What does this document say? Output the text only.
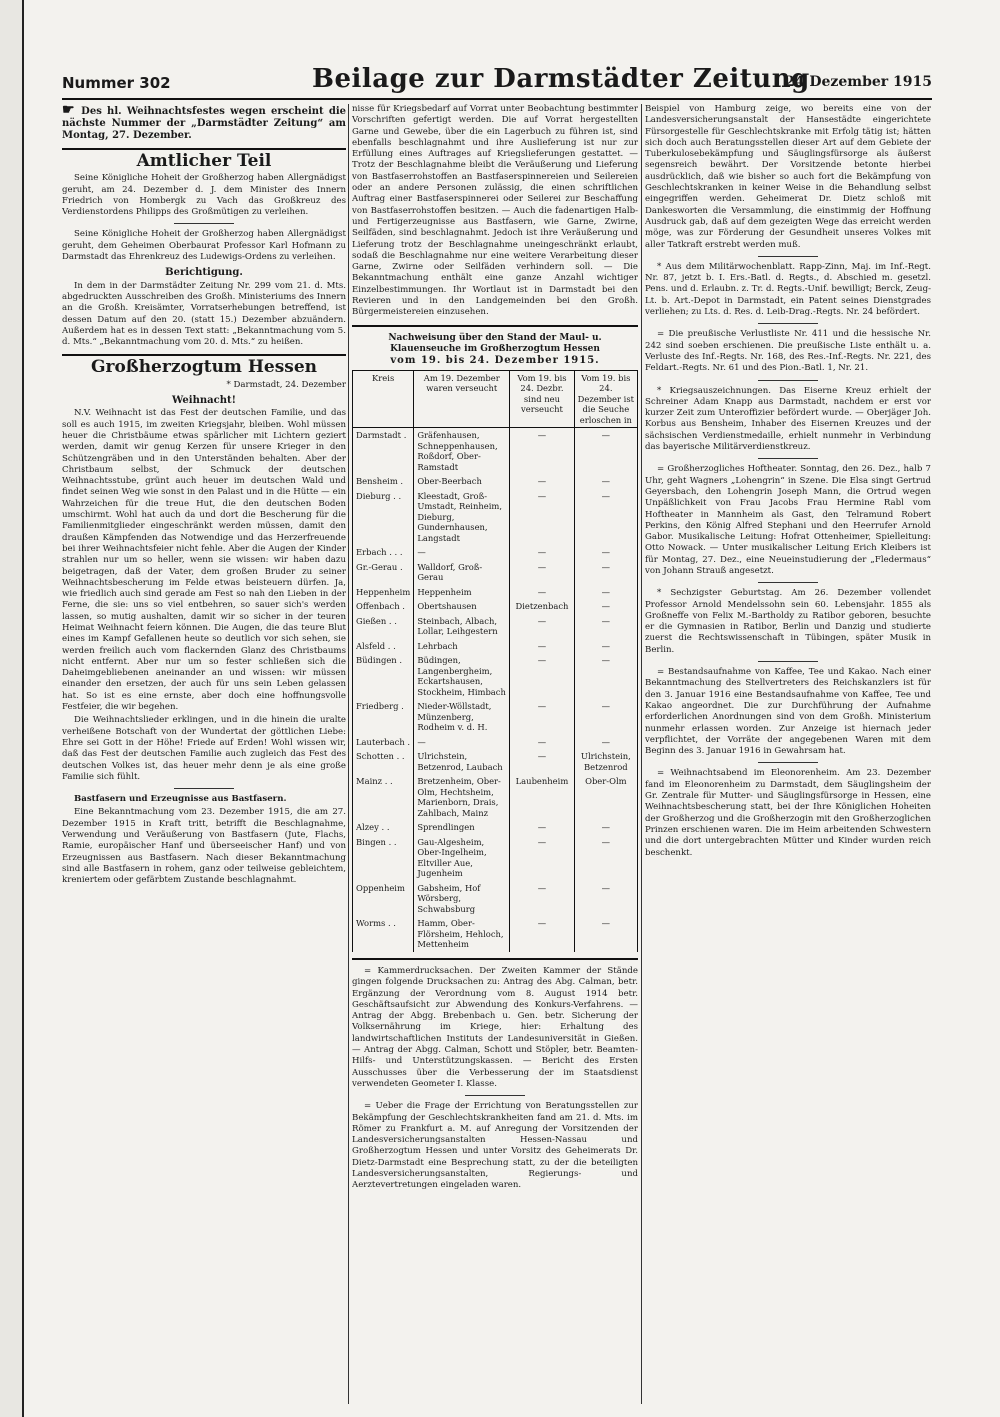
Nummer 302	Beilage zur Darmstädter Zeitung
24 Dezember 1915
☛ Des hl. Weihnachtsfestes wegen erscheint die nächste Nummer der „Darmstädter Zeitung“ am Montag, 27. Dezember.
Amtlicher Teil

Seine Königliche Hoheit der Großherzog haben Allergnädigst geruht, am 24. Dezember d. J. dem Minister des Innern Friedrich von Hombergk zu Vach das Großkreuz des Verdienstordens Philipps des Großmütigen zu verleihen.

Seine Königliche Hoheit der Großherzog haben Allergnädigst geruht, dem Geheimen Oberbaurat Professor Karl Hofmann zu Darmstadt das Ehrenkreuz des Ludewigs-Ordens zu verleihen.

Berichtigung.

In dem in der Darmstädter Zeitung Nr. 299 vom 21. d. Mts. abgedruckten Ausschreiben des Großh. Ministeriums des Innern an die Großh. Kreisämter, Vorratserhebungen betreffend, ist dessen Datum auf den 20. (statt 15.) Dezember abzuändern. Außerdem hat es in dessen Text statt: „Bekanntmachung vom 5. d. Mts.“ „Bekanntmachung vom 20. d. Mts.“ zu heißen.

Großherzogtum Hessen

* Darmstadt, 24. Dezember

Weihnacht!

N.V. Weihnacht ist das Fest der deutschen Familie, und das soll es auch 1915, im zweiten Kriegsjahr, bleiben. Wohl müssen heuer die Christbäume etwas spärlicher mit Lichtern geziert werden, damit wir genug Kerzen für unsere Krieger in den Schützengräben und in den Unterständen behalten. Aber der Christbaum selbst, der Schmuck der deutschen Weihnachtsstube, grünt auch heuer im deutschen Wald und findet seinen Weg wie sonst in den Palast und in die Hütte — ein Wahrzeichen für die treue Hut, die den deutschen Boden umschirmt. Wohl hat auch da und dort die Bescherung für die Familienmitglieder eingeschränkt werden müssen, damit den draußen Kämpfenden das Notwendige und das Herzerfreuende bei ihrer Weihnachtsfeier nicht fehle. Aber die Augen der Kinder strahlen nur um so heller, wenn sie wissen: wir haben dazu beigetragen, daß der Vater, dem großen Bruder zu seiner Weihnachtsbescherung im Felde etwas beisteuern dürfen. Ja, wie friedlich auch sind gerade am Fest so nah den Lieben in der Ferne, die sie: uns so viel entbehren, so sauer sich's werden lassen, so mutig aushalten, damit wir so sicher in der teuren Heimat Weihnacht feiern können. Die Augen, die das teure Blut eines im Kampf Gefallenen heute so deutlich vor sich sehen, sie werden freilich auch vom flackernden Glanz des Christbaums nicht entfernt. Aber nur um so fester schließen sich die Daheimgebliebenen aneinander an und wissen: wir müssen einander den ersetzen, der auch für uns sein Leben gelassen hat. So ist es eine ernste, aber doch eine hoffnungsvolle Festfeier, die wir begehen.

Die Weihnachtslieder erklingen, und in die hinein die uralte verheißene Botschaft von der Wundertat der göttlichen Liebe: Ehre sei Gott in der Höhe! Friede auf Erden! Wohl wissen wir, daß das Fest der deutschen Familie auch zugleich das Fest des deutschen Volkes ist, das heuer mehr denn je als eine große Familie sich fühlt.

Bastfasern und Erzeugnisse aus Bastfasern.

Eine Bekanntmachung vom 23. Dezember 1915, die am 27. Dezember 1915 in Kraft tritt, betrifft die Beschlagnahme, Verwendung und Veräußerung von Bastfasern (Jute, Flachs, Ramie, europäischer Hanf und überseeischer Hanf) und von Erzeugnissen aus Bastfasern. Nach dieser Bekanntmachung sind alle Bastfasern in rohem, ganz oder teilweise gebleichtem, kreniertem oder gefärbtem Zustande beschlagnahmt.

nisse für Kriegsbedarf auf Vorrat unter Beobachtung bestimmter Vorschriften gefertigt werden. Die auf Vorrat hergestellten Garne und Gewebe, über die ein Lagerbuch zu führen ist, sind ebenfalls beschlagnahmt und ihre Auslieferung ist nur zur Erfüllung eines Auftrages auf Kriegslieferungen gestattet. — Trotz der Beschlagnahme bleibt die Veräußerung und Lieferung von Bastfaserrohstoffen an Bastfaserspinnereien und Seilereien oder an andere Personen zulässig, die einen schriftlichen Auftrag einer Bastfaserspinnerei oder Seilerei zur Beschaffung von Bastfaserrohstoffen besitzen. — Auch die fadenartigen Halb- und Fertigerzeugnisse aus Bastfasern, wie Garne, Zwirne, Seilfäden, sind beschlagnahmt. Jedoch ist ihre Veräußerung und Lieferung trotz der Beschlagnahme uneingeschränkt erlaubt, sodaß die Beschlagnahme nur eine weitere Verarbeitung dieser Garne, Zwirne oder Seilfäden verhindern soll. — Die Bekanntmachung enthält eine ganze Anzahl wichtiger Einzelbestimmungen. Ihr Wortlaut ist in Darmstadt bei den Revieren und in den Landgemeinden bei den Großh. Bürgermeistereien einzusehen.

Nachweisung über den Stand der Maul- u. Klauenseuche im Großherzogtum Hessen
vom 19. bis 24. Dezember 1915.
Kreis	Am 19. Dezember waren verseucht	Vom 19. bis 24. Dezbr. sind neu verseucht	Vom 19. bis 24. Dezember ist die Seuche erloschen in
Darmstadt .	Gräfenhausen, Schneppenhausen, Roßdorf, Ober-Ramstadt	—	—
Bensheim .	Ober-Beerbach	—	—
Dieburg . .	Kleestadt, Groß-Umstadt, Reinheim, Dieburg, Gundernhausen, Langstadt	—	—
Erbach . . .	—	—	—
Gr.-Gerau .	Walldorf, Groß-Gerau	—	—
Heppenheim	Heppenheim	—	—
Offenbach .	Obertshausen	Dietzenbach	—
Gießen . .	Steinbach, Albach, Lollar, Leihgestern	—	—
Alsfeld . .	Lehrbach	—	—
Büdingen .	Büdingen, Langenbergheim, Eckartshausen, Stockheim, Himbach	—	—
Friedberg .	Nieder-Wöllstadt, Münzenberg, Rodheim v. d. H.	—	—
Lauterbach .	—	—	—
Schotten . .	Ulrichstein, Betzenrod, Laubach	—	Ulrichstein, Betzenrod
Mainz . .	Bretzenheim, Ober-Olm, Hechtsheim, Marienborn, Drais, Zahlbach, Mainz	Laubenheim	Ober-Olm
Alzey . .	Sprendlingen	—	—
Bingen . .	Gau-Algesheim, Ober-Ingelheim, Eltviller Aue, Jugenheim	—	—
Oppenheim	Gabsheim, Hof Wörsberg, Schwabsburg	—	—
Worms . .	Hamm, Ober-Flörsheim, Hehloch, Mettenheim	—	—

= Kammerdrucksachen. Der Zweiten Kammer der Stände gingen folgende Drucksachen zu: Antrag des Abg. Calman, betr. Ergänzung der Verordnung vom 8. August 1914 betr. Geschäftsaufsicht zur Abwendung des Konkurs-Verfahrens. — Antrag der Abgg. Brebenbach u. Gen. betr. Sicherung der Volksernährung im Kriege, hier: Erhaltung des landwirtschaftlichen Instituts der Landesuniversität in Gießen. — Antrag der Abgg. Calman, Schott und Stöpler, betr. Beamten-Hilfs- und Unterstützungskassen. — Bericht des Ersten Ausschusses über die Verbesserung der im Staatsdienst verwendeten Geometer I. Klasse.

= Ueber die Frage der Errichtung von Beratungsstellen zur Bekämpfung der Geschlechtskrankheiten fand am 21. d. Mts. im Römer zu Frankfurt a. M. auf Anregung der Vorsitzenden der Landesversicherungsanstalten Hessen-Nassau und Großherzogtum Hessen und unter Vorsitz des Geheimerats Dr. Dietz-Darmstadt eine Besprechung statt, zu der die beteiligten Landesversicherungsanstalten, Regierungs- und Aerztevertretungen eingeladen waren.

Beispiel von Hamburg zeige, wo bereits eine von der Landesversicherungsanstalt der Hansestädte eingerichtete Fürsorgestelle für Geschlechtskranke mit Erfolg tätig ist; hätten sich doch auch Beratungsstellen dieser Art auf dem Gebiete der Tuberkulosebekämpfung und Säuglingsfürsorge als äußerst segensreich bewährt. Der Vorsitzende betonte hierbei ausdrücklich, daß wie bisher so auch fort die Bekämpfung von Geschlechtskranken in keiner Weise in die Behandlung selbst eingegriffen werden. Geheimerat Dr. Dietz schloß mit Dankesworten die Versammlung, die einstimmig der Hoffnung Ausdruck gab, daß auf dem gezeigten Wege das erreicht werden möge, was zur Förderung der Gesundheit unseres Volkes mit aller Tatkraft erstrebt werden muß.

* Aus dem Militärwochenblatt. Rapp-Zinn, Maj. im Inf.-Regt. Nr. 87, jetzt b. I. Ers.-Batl. d. Regts., d. Abschied m. gesetzl. Pens. und d. Erlaubn. z. Tr. d. Regts.-Unif. bewilligt; Berck, Zeug-Lt. b. Art.-Depot in Darmstadt, ein Patent seines Dienstgrades verliehen; zu Lts. d. Res. d. Leib-Drag.-Regts. Nr. 24 befördert.

= Die preußische Verlustliste Nr. 411 und die hessische Nr. 242 sind soeben erschienen. Die preußische Liste enthält u. a. Verluste des Inf.-Regts. Nr. 168, des Res.-Inf.-Regts. Nr. 221, des Feldart.-Regts. Nr. 61 und des Pion.-Batl. 1, Nr. 21.

* Kriegsauszeichnungen. Das Eiserne Kreuz erhielt der Schreiner Adam Knapp aus Darmstadt, nachdem er erst vor kurzer Zeit zum Unteroffizier befördert wurde. — Oberjäger Joh. Korbus aus Bensheim, Inhaber des Eisernen Kreuzes und der sächsischen Verdienstmedaille, erhielt nunmehr in Verbindung das bayerische Militärverdienstkreuz.

= Großherzogliches Hoftheater. Sonntag, den 26. Dez., halb 7 Uhr, geht Wagners „Lohengrin“ in Szene. Die Elsa singt Gertrud Geyersbach, den Lohengrin Joseph Mann, die Ortrud wegen Unpäßlichkeit von Frau Jacobs Frau Hermine Rabl vom Hoftheater in Mannheim als Gast, den Telramund Robert Perkins, den König Alfred Stephani und den Heerrufer Arnold Gabor. Musikalische Leitung: Hofrat Ottenheimer, Spielleitung: Otto Nowack. — Unter musikalischer Leitung Erich Kleibers ist für Montag, 27. Dez., eine Neueinstudierung der „Fledermaus“ von Johann Strauß angesetzt.

* Sechzigster Geburtstag. Am 26. Dezember vollendet Professor Arnold Mendelssohn sein 60. Lebensjahr. 1855 als Großneffe von Felix M.-Bartholdy zu Ratibor geboren, besuchte er die Gymnasien in Ratibor, Berlin und Danzig und studierte zuerst die Rechtswissenschaft in Tübingen, später Musik in Berlin.

= Bestandsaufnahme von Kaffee, Tee und Kakao. Nach einer Bekanntmachung des Stellvertreters des Reichskanzlers ist für den 3. Januar 1916 eine Bestandsaufnahme von Kaffee, Tee und Kakao angeordnet. Die zur Durchführung der Aufnahme erforderlichen Anordnungen sind von dem Großh. Ministerium nunmehr erlassen worden. Zur Anzeige ist hiernach jeder verpflichtet, der Vorräte der angegebenen Waren mit dem Beginn des 3. Januar 1916 in Gewahrsam hat.

= Weihnachtsabend im Eleonorenheim. Am 23. Dezember fand im Eleonorenheim zu Darmstadt, dem Säuglingsheim der Gr. Zentrale für Mutter- und Säuglingsfürsorge in Hessen, eine Weihnachtsbescherung statt, bei der Ihre Königlichen Hoheiten der Großherzog und die Großherzogin mit den Großherzoglichen Prinzen erschienen waren. Die im Heim arbeitenden Schwestern und die dort untergebrachten Mütter und Kinder wurden reich beschenkt.
